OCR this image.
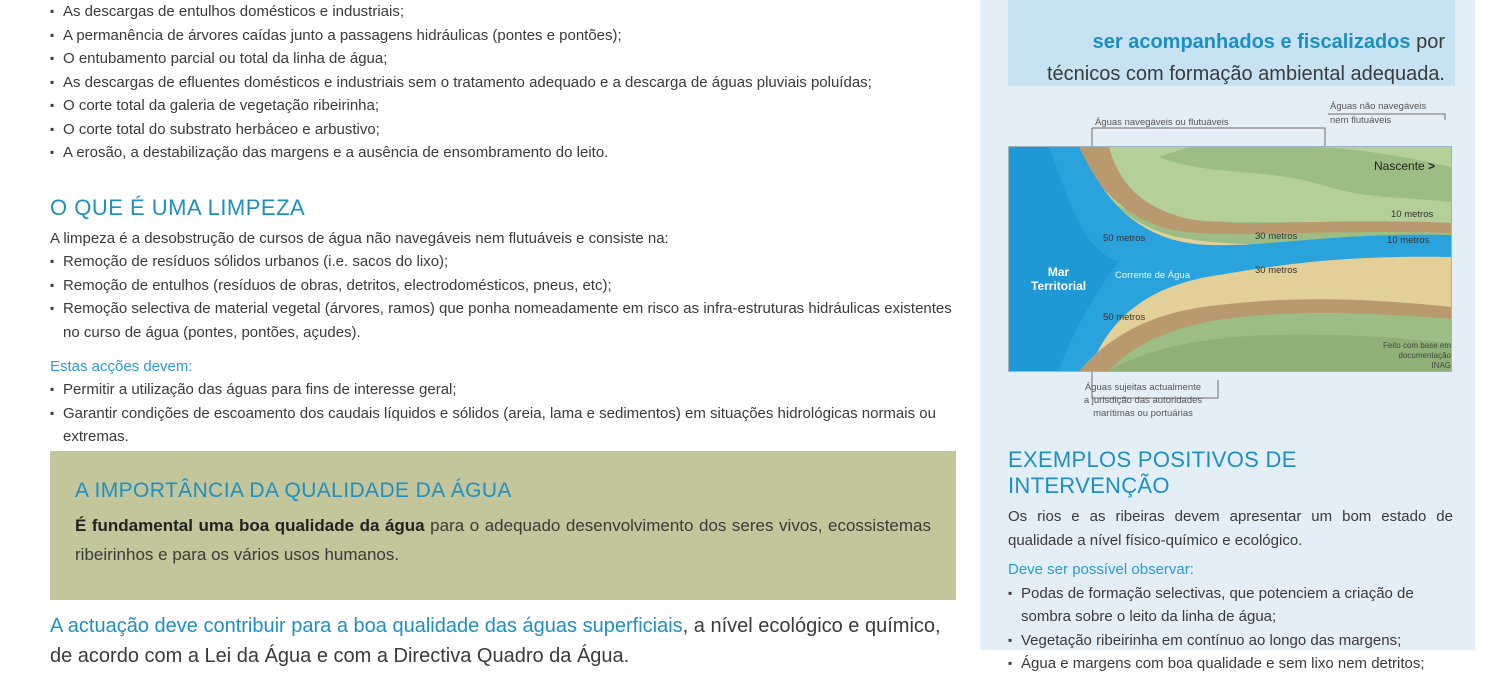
▪ As descargas de entulhos domésticos e industriais;
▪ A permanência de árvores caídas junto a passagens hidráulicas (pontes e pontões);
▪ O entubamento parcial ou total da linha de água;
▪ As descargas de efluentes domésticos e industriais sem o tratamento adequado e a descarga de águas pluviais poluídas;
▪ O corte total da galeria de vegetação ribeirinha;
▪ O corte total do substrato herbáceo e arbustivo;
▪ A erosão, a destabilização das margens e a ausência de ensombramento do leito.
O QUE É UMA LIMPEZA

A limpeza é a desobstrução de cursos de água não navegáveis nem flutuáveis e consiste na:

▪ Remoção de resíduos sólidos urbanos (i.e. sacos do lixo);
▪ Remoção de entulhos (resíduos de obras, detritos, electrodomésticos, pneus, etc);
▪ Remoção selectiva de material vegetal (árvores, ramos) que ponha nomeadamente em risco as infra-estruturas hidráulicas existentes no curso de água (pontes, pontões, açudes).

Estas acções devem:

▪ Permitir a utilização das águas para fins de interesse geral;
▪ Garantir condições de escoamento dos caudais líquidos e sólidos (areia, lama e sedimentos) em situações hidrológicas normais ou extremas.
A IMPORTÂNCIA DA QUALIDADE DA ÁGUA

É fundamental uma boa qualidade da água para o adequado desenvolvimento dos seres vivos, ecossistemas ribeirinhos e para os vários usos humanos.

A actuação deve contribuir para a boa qualidade das águas superficiais, a nível ecológico e químico,
de acordo com a Lei da Água e com a Directiva Quadro da Água.

ser acompanhados e fiscalizados por

técnicos com formação ambiental adequada.

Águas navegáveis ou flutuáveis
Águas não navegáveis
nem flutuáveis
Nascente >
Mar
Territorial
Corrente de Água
50 metros
50 metros
30 metros
30 metros
10 metros
10 metros
Feito com base em
documentação INAG
Águas sujeitas actualmente
a jurisdição das autoridades
marítimas ou portuárias
EXEMPLOS POSITIVOS DE INTERVENÇÃO

Os rios e as ribeiras devem apresentar um bom estado de qualidade a nível físico-químico e ecológico.

Deve ser possível observar:

▪ Podas de formação selectivas, que potenciem a criação de sombra sobre o leito da linha de água;
▪ Vegetação ribeirinha em contínuo ao longo das margens;
▪ Água e margens com boa qualidade e sem lixo nem detritos;
